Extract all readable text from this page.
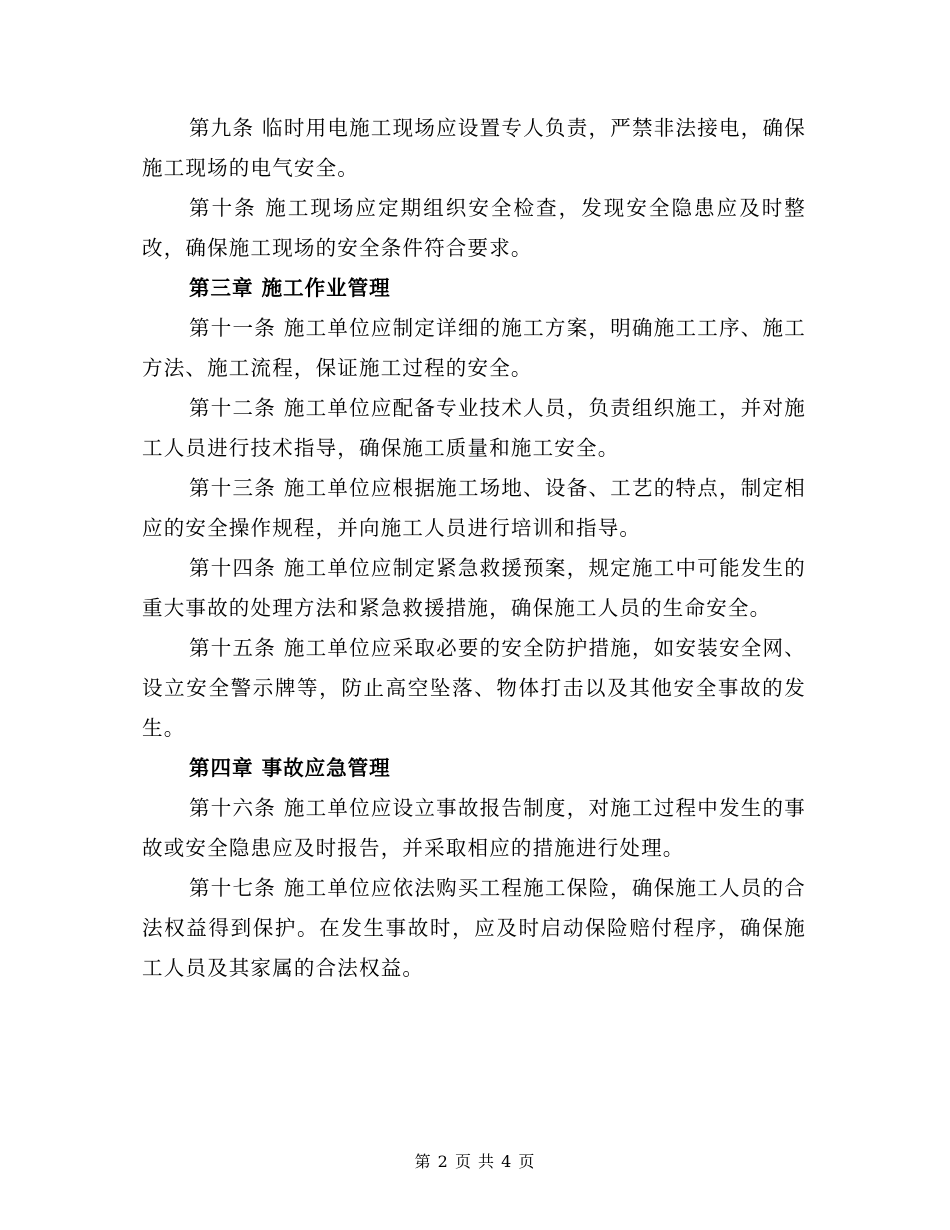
第九条 临时用电施工现场应设置专人负责，严禁非法接电，确保施工现场的电气安全。

第十条 施工现场应定期组织安全检查，发现安全隐患应及时整改，确保施工现场的安全条件符合要求。

第三章 施工作业管理

第十一条 施工单位应制定详细的施工方案，明确施工工序、施工方法、施工流程，保证施工过程的安全。

第十二条 施工单位应配备专业技术人员，负责组织施工，并对施工人员进行技术指导，确保施工质量和施工安全。

第十三条 施工单位应根据施工场地、设备、工艺的特点，制定相应的安全操作规程，并向施工人员进行培训和指导。

第十四条 施工单位应制定紧急救援预案，规定施工中可能发生的重大事故的处理方法和紧急救援措施，确保施工人员的生命安全。

第十五条 施工单位应采取必要的安全防护措施，如安装安全网、设立安全警示牌等，防止高空坠落、物体打击以及其他安全事故的发生。

第四章 事故应急管理

第十六条 施工单位应设立事故报告制度，对施工过程中发生的事故或安全隐患应及时报告，并采取相应的措施进行处理。

第十七条 施工单位应依法购买工程施工保险，确保施工人员的合法权益得到保护。在发生事故时，应及时启动保险赔付程序，确保施工人员及其家属的合法权益。

第 2 页 共 4 页
